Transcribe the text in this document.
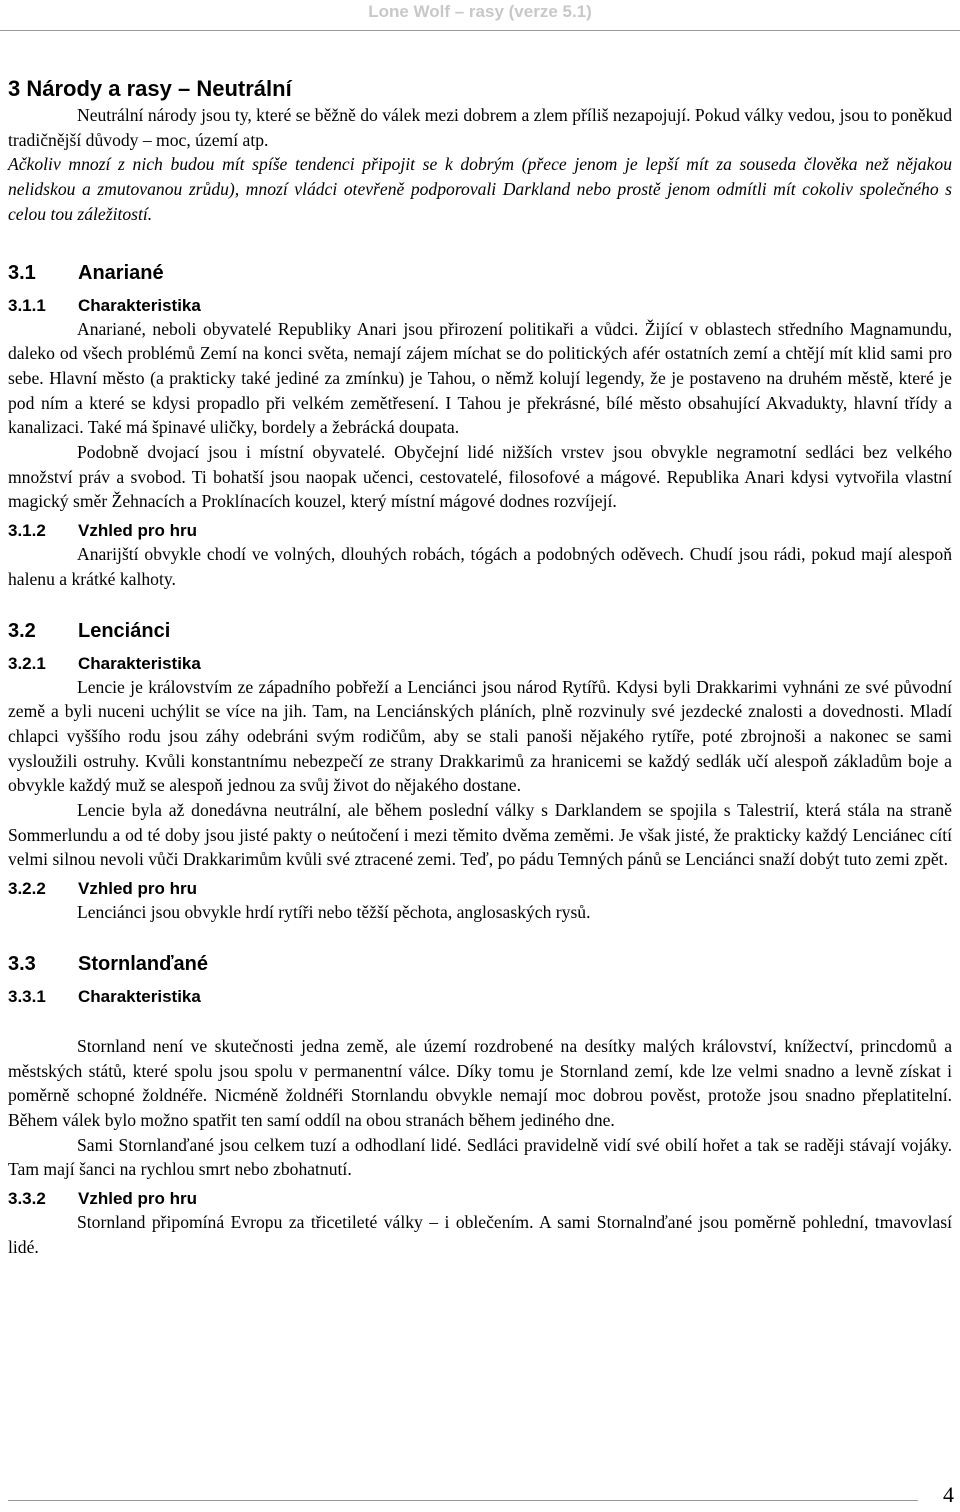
Lone Wolf – rasy (verze 5.1)
3 Národy a rasy – Neutrální

Neutrální národy jsou ty, které se běžně do válek mezi dobrem a zlem příliš nezapojují. Pokud války vedou, jsou to poněkud tradičnější důvody – moc, území atp.

Ačkoliv mnozí z nich budou mít spíše tendenci připojit se k dobrým (přece jenom je lepší mít za souseda člověka než nějakou nelidskou a zmutovanou zrůdu), mnozí vládci otevřeně podporovali Darkland nebo prostě jenom odmítli mít cokoliv společného s celou tou záležitostí.

3.1	Anariané
3.1.1	Charakteristika

Anariané, neboli obyvatelé Republiky Anari jsou přirození politikaři a vůdci. Žijící v oblastech středního Magnamundu, daleko od všech problémů Zemí na konci světa, nemají zájem míchat se do politických afér ostatních zemí a chtějí mít klid sami pro sebe. Hlavní město (a prakticky také jediné za zmínku) je Tahou, o němž kolují legendy, že je postaveno na druhém městě, které je pod ním a které se kdysi propadlo při velkém zemětřesení. I Tahou je překrásné, bílé město obsahující Akvadukty, hlavní třídy a kanalizaci. Také má špinavé uličky, bordely a žebrácká doupata.

Podobně dvojací jsou i místní obyvatelé. Obyčejní lidé nižších vrstev jsou obvykle negramotní sedláci bez velkého množství práv a svobod. Ti bohatší jsou naopak učenci, cestovatelé, filosofové a mágové. Republika Anari kdysi vytvořila vlastní magický směr Žehnacích a Proklínacích kouzel, který místní mágové dodnes rozvíjejí.

3.1.2	Vzhled pro hru

Anarijští obvykle chodí ve volných, dlouhých robách, tógách a podobných oděvech. Chudí jsou rádi, pokud mají alespoň halenu a krátké kalhoty.

3.2	Lenciánci
3.2.1	Charakteristika

Lencie je královstvím ze západního pobřeží a Lenciánci jsou národ Rytířů. Kdysi byli Drakkarimi vyhnáni ze své původní země a byli nuceni uchýlit se více na jih. Tam, na Lenciánských pláních, plně rozvinuly své jezdecké znalosti a dovednosti. Mladí chlapci vyššího rodu jsou záhy odebráni svým rodičům, aby se stali panoši nějakého rytíře, poté zbrojnoši a nakonec se sami vysloužili ostruhy. Kvůli konstantnímu nebezpečí ze strany Drakkarimů za hranicemi se každý sedlák učí alespoň základům boje a obvykle každý muž se alespoň jednou za svůj život do nějakého dostane.

Lencie byla až donedávna neutrální, ale během poslední války s Darklandem se spojila s Talestrií, která stála na straně Sommerlundu a od té doby jsou jisté pakty o neútočení i mezi těmito dvěma zeměmi. Je však jisté, že prakticky každý Lenciánec cítí velmi silnou nevoli vůči Drakkarimům kvůli své ztracené zemi. Teď, po pádu Temných pánů se Lenciánci snaží dobýt tuto zemi zpět.

3.2.2	Vzhled pro hru

Lenciánci jsou obvykle hrdí rytíři nebo těžší pěchota, anglosaských rysů.

3.3	Stornlanďané
3.3.1	Charakteristika

Stornland není ve skutečnosti jedna země, ale území rozdrobené na desítky malých království, knížectví, princdomů a městských států, které spolu jsou spolu v permanentní válce. Díky tomu je Stornland zemí, kde lze velmi snadno a levně získat i poměrně schopné žoldnéře. Nicméně žoldnéři Stornlandu obvykle nemají moc dobrou pověst, protože jsou snadno přeplatitelní. Během válek bylo možno spatřit ten samí oddíl na obou stranách během jediného dne.

Sami Stornlanďané jsou celkem tuzí a odhodlaní lidé. Sedláci pravidelně vidí své obilí hořet a tak se raději stávají vojáky. Tam mají šanci na rychlou smrt nebo zbohatnutí.

3.3.2	Vzhled pro hru

Stornland připomíná Evropu za třicetileté války – i oblečením. A sami Stornalnďané jsou poměrně pohlední, tmavovlasí lidé.

4
